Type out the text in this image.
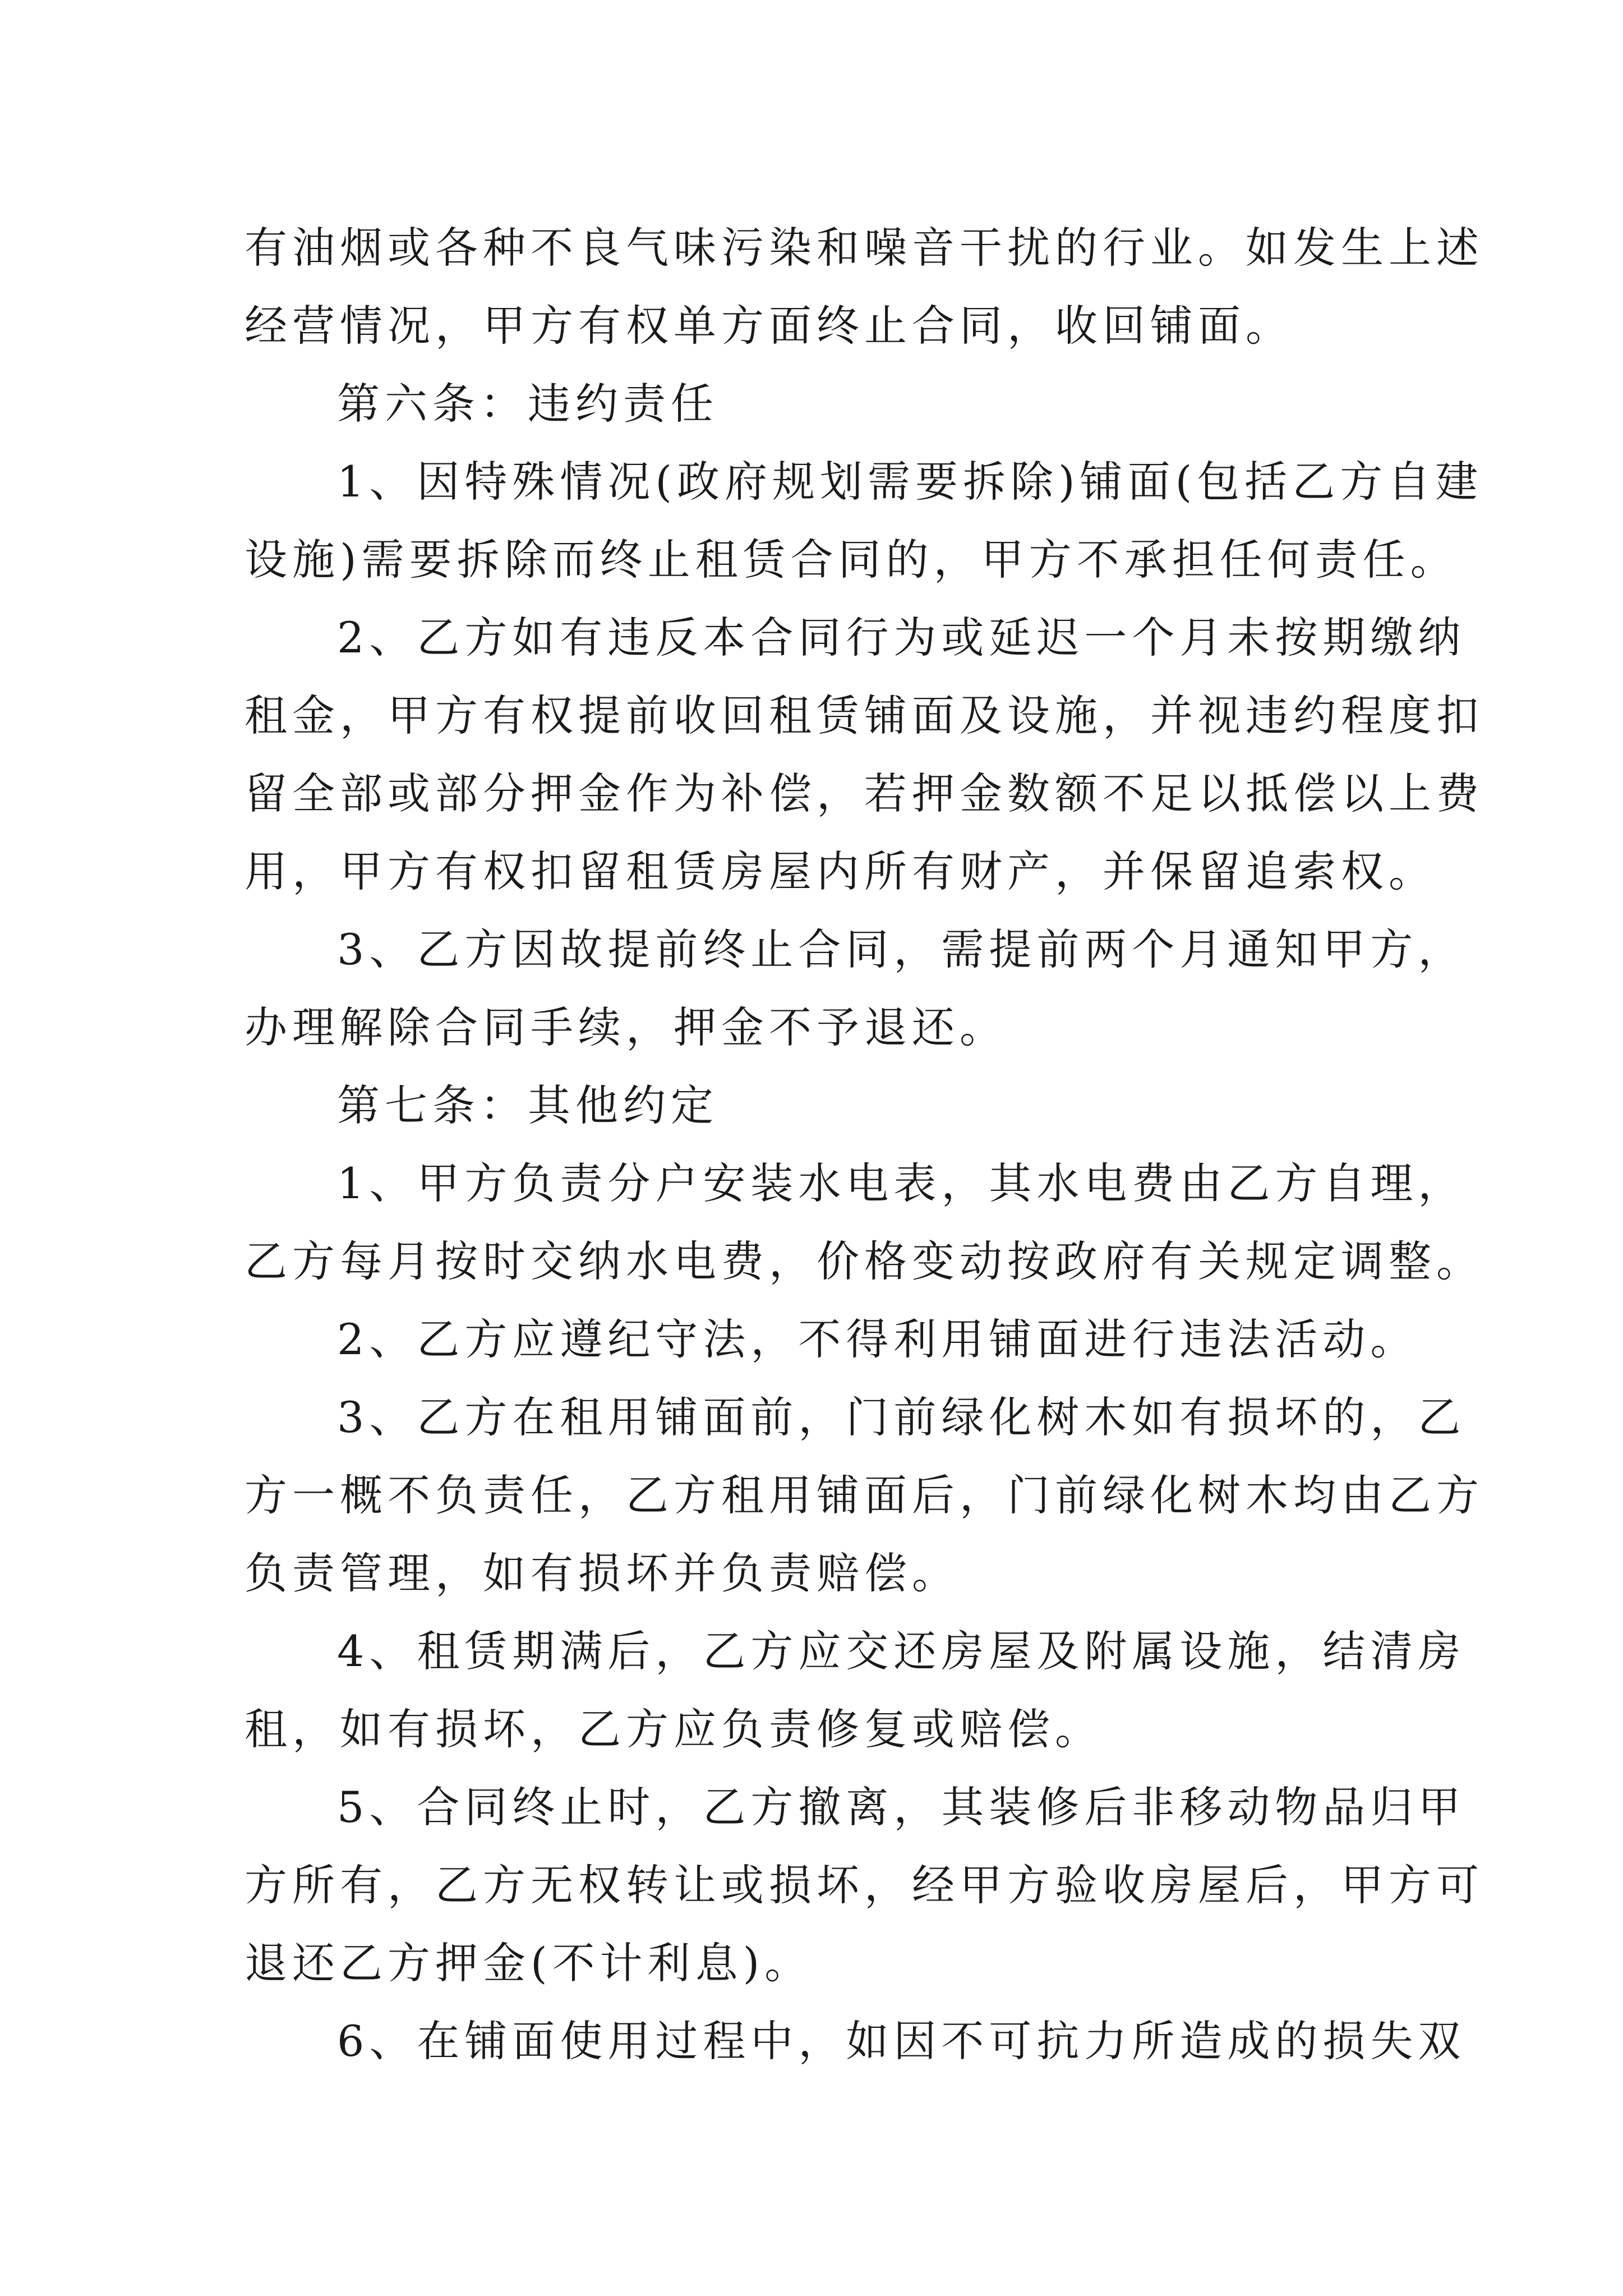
有油烟或各种不良气味污染和噪音干扰的行业。如发生上述
经营情况，甲方有权单方面终止合同，收回铺面。
第六条：违约责任
1、因特殊情况(政府规划需要拆除)铺面(包括乙方自建
设施)需要拆除而终止租赁合同的，甲方不承担任何责任。
2、乙方如有违反本合同行为或延迟一个月未按期缴纳
租金，甲方有权提前收回租赁铺面及设施，并视违约程度扣
留全部或部分押金作为补偿，若押金数额不足以抵偿以上费
用，甲方有权扣留租赁房屋内所有财产，并保留追索权。
3、乙方因故提前终止合同，需提前两个月通知甲方，
办理解除合同手续，押金不予退还。
第七条：其他约定
1、甲方负责分户安装水电表，其水电费由乙方自理，
乙方每月按时交纳水电费，价格变动按政府有关规定调整。
2、乙方应遵纪守法，不得利用铺面进行违法活动。
3、乙方在租用铺面前，门前绿化树木如有损坏的，乙
方一概不负责任，乙方租用铺面后，门前绿化树木均由乙方
负责管理，如有损坏并负责赔偿。
4、租赁期满后，乙方应交还房屋及附属设施，结清房
租，如有损坏，乙方应负责修复或赔偿。
5、合同终止时，乙方撤离，其装修后非移动物品归甲
方所有，乙方无权转让或损坏，经甲方验收房屋后，甲方可
退还乙方押金(不计利息)。
6、在铺面使用过程中，如因不可抗力所造成的损失双
